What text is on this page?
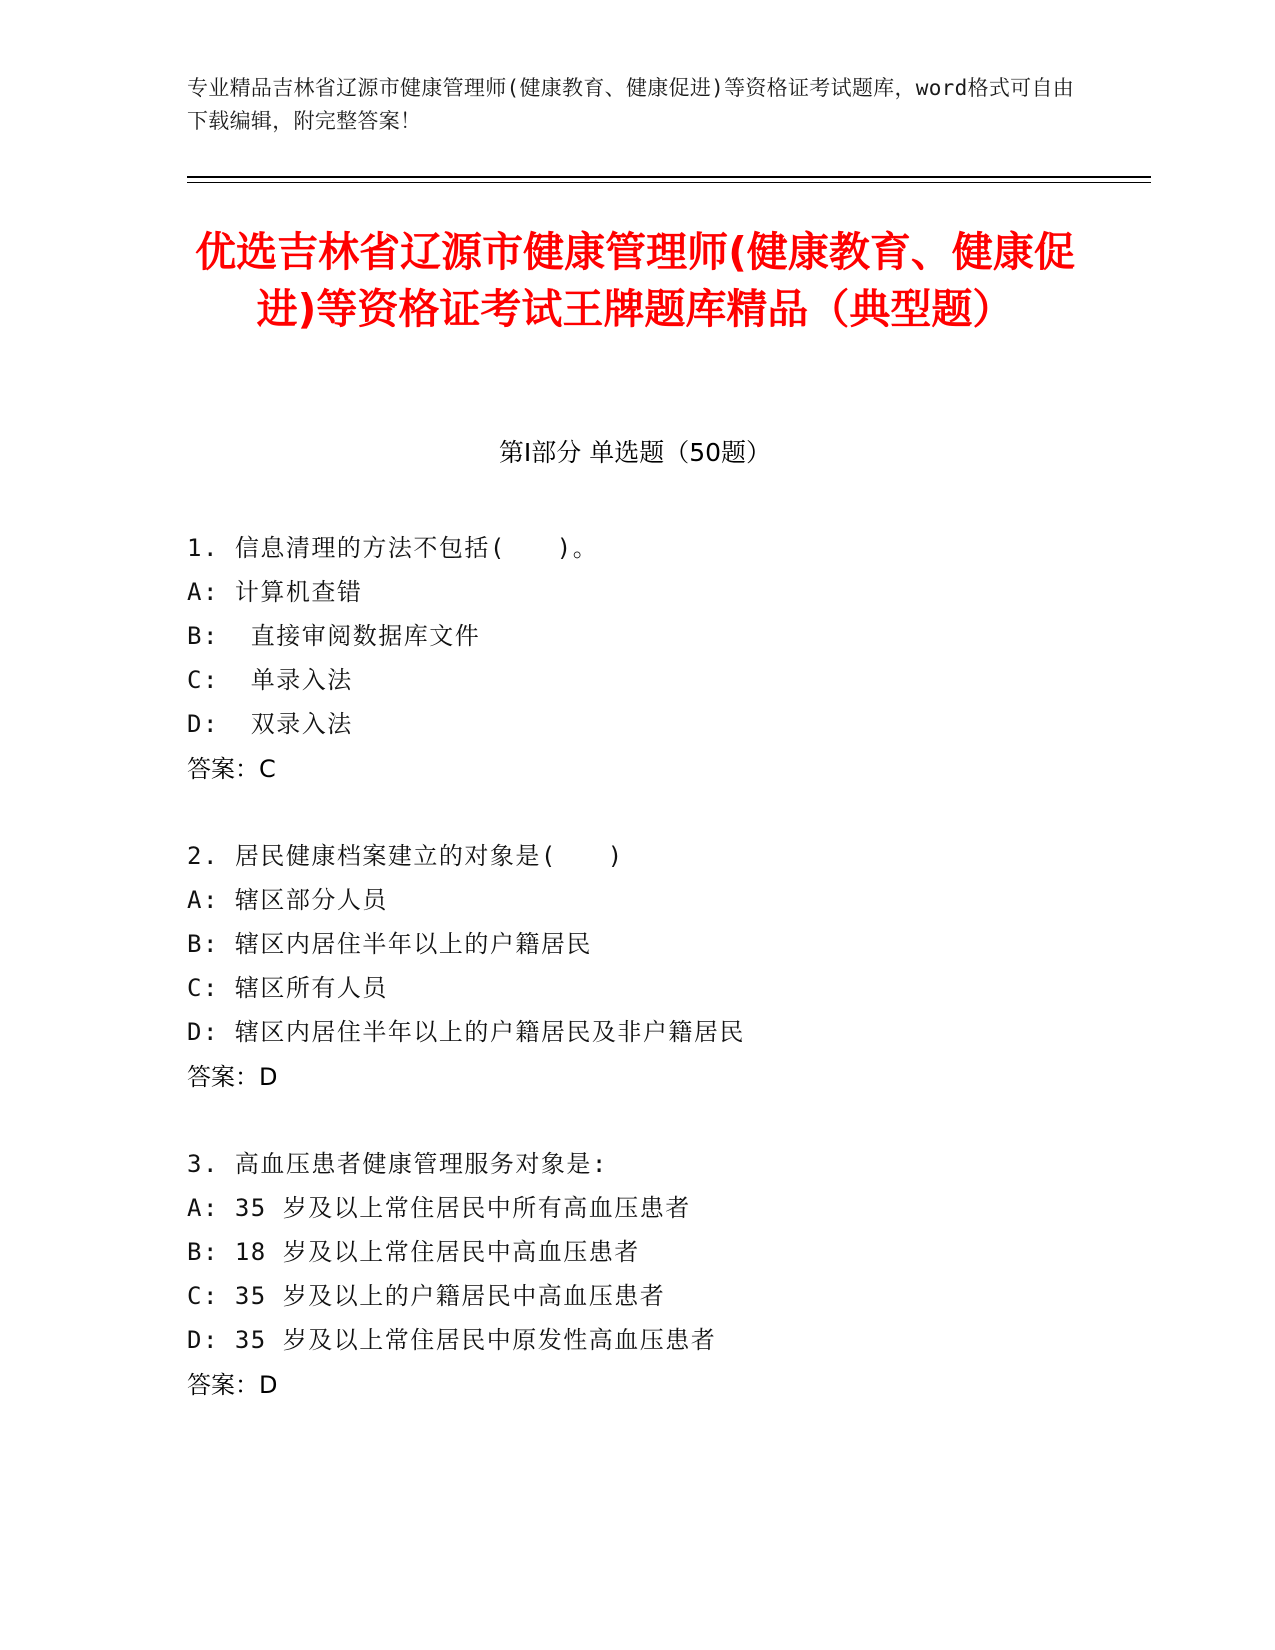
专业精品吉林省辽源市健康管理师(健康教育、健康促进)等资格证考试题库，word格式可自由下载编辑，附完整答案！
优选吉林省辽源市健康管理师(健康教育、健康促进)等资格证考试王牌题库精品（典型题）
第Ⅰ部分 单选题（50题）
1. 信息清理的方法不包括(　　)。
A: 计算机查错
B:  直接审阅数据库文件
C:  单录入法
D:  双录入法
答案：C
2. 居民健康档案建立的对象是(　　)
A: 辖区部分人员
B: 辖区内居住半年以上的户籍居民
C: 辖区所有人员
D: 辖区内居住半年以上的户籍居民及非户籍居民
答案：D
3. 高血压患者健康管理服务对象是:
A: 35 岁及以上常住居民中所有高血压患者
B: 18 岁及以上常住居民中高血压患者
C: 35 岁及以上的户籍居民中高血压患者
D: 35 岁及以上常住居民中原发性高血压患者
答案：D
